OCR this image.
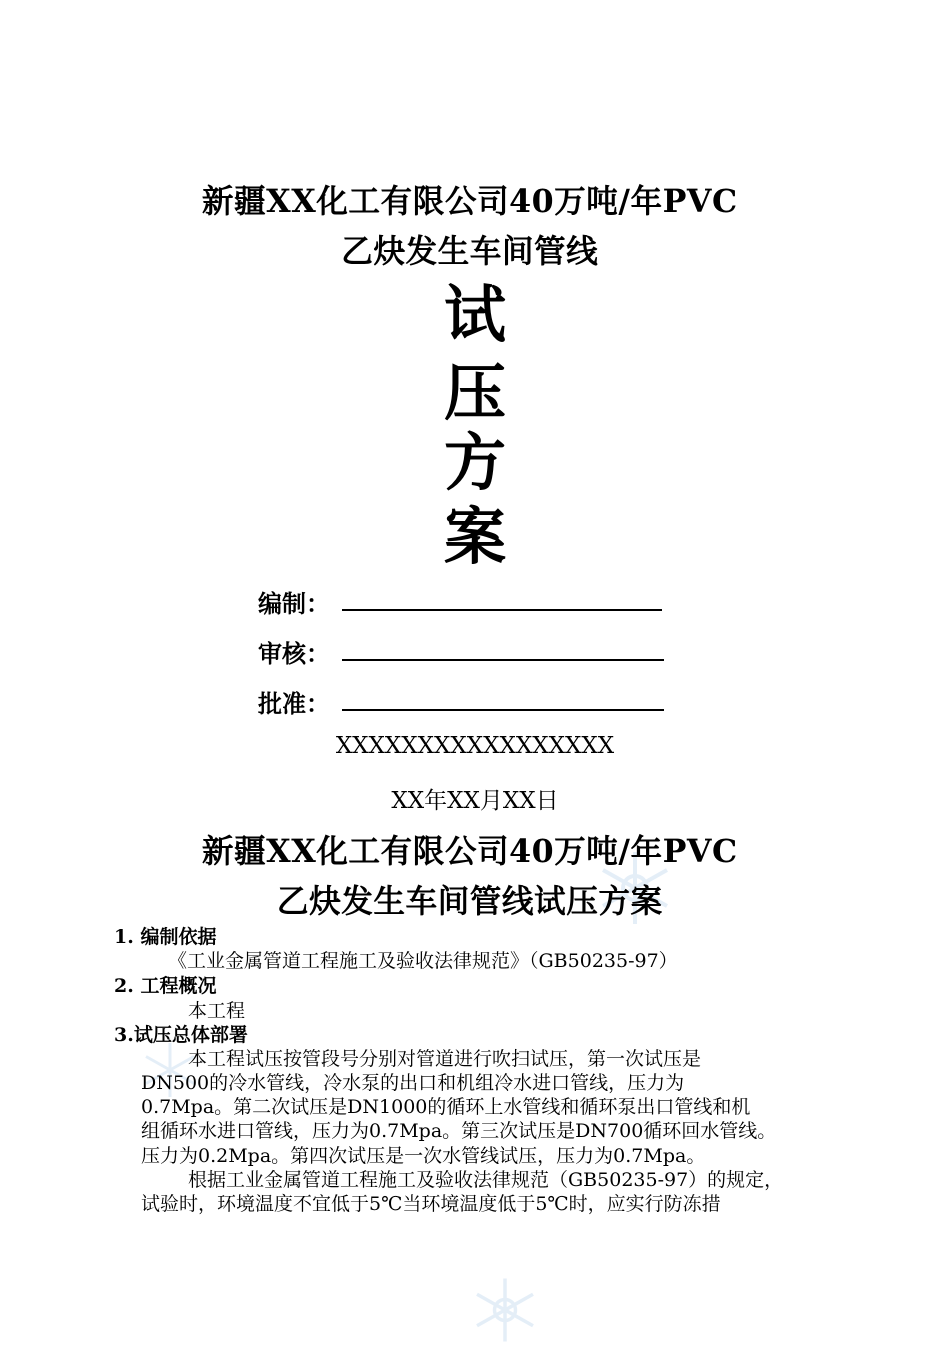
新疆XX化工有限公司40万吨/年PVC
乙炔发生车间管线
试
压
方
案
编制：
审核：
批准：
XXXXXXXXXXXXXXXXX
XX年XX月XX日
新疆XX化工有限公司40万吨/年PVC
乙炔发生车间管线试压方案
1. 编制依据
《工业金属管道工程施工及验收法律规范》（GB50235-97）
2. 工程概况
本工程
3.试压总体部署
本工程试压按管段号分别对管道进行吹扫试压，第一次试压是
DN500的冷水管线，冷水泵的出口和机组冷水进口管线，压力为
0.7Mpa。第二次试压是DN1000的循环上水管线和循环泵出口管线和机
组循环水进口管线，压力为0.7Mpa。第三次试压是DN700循环回水管线。
压力为0.2Mpa。第四次试压是一次水管线试压，压力为0.7Mpa。
根据工业金属管道工程施工及验收法律规范（GB50235-97）的规定，
试验时，环境温度不宜低于5℃当环境温度低于5℃时，应实行防冻措
